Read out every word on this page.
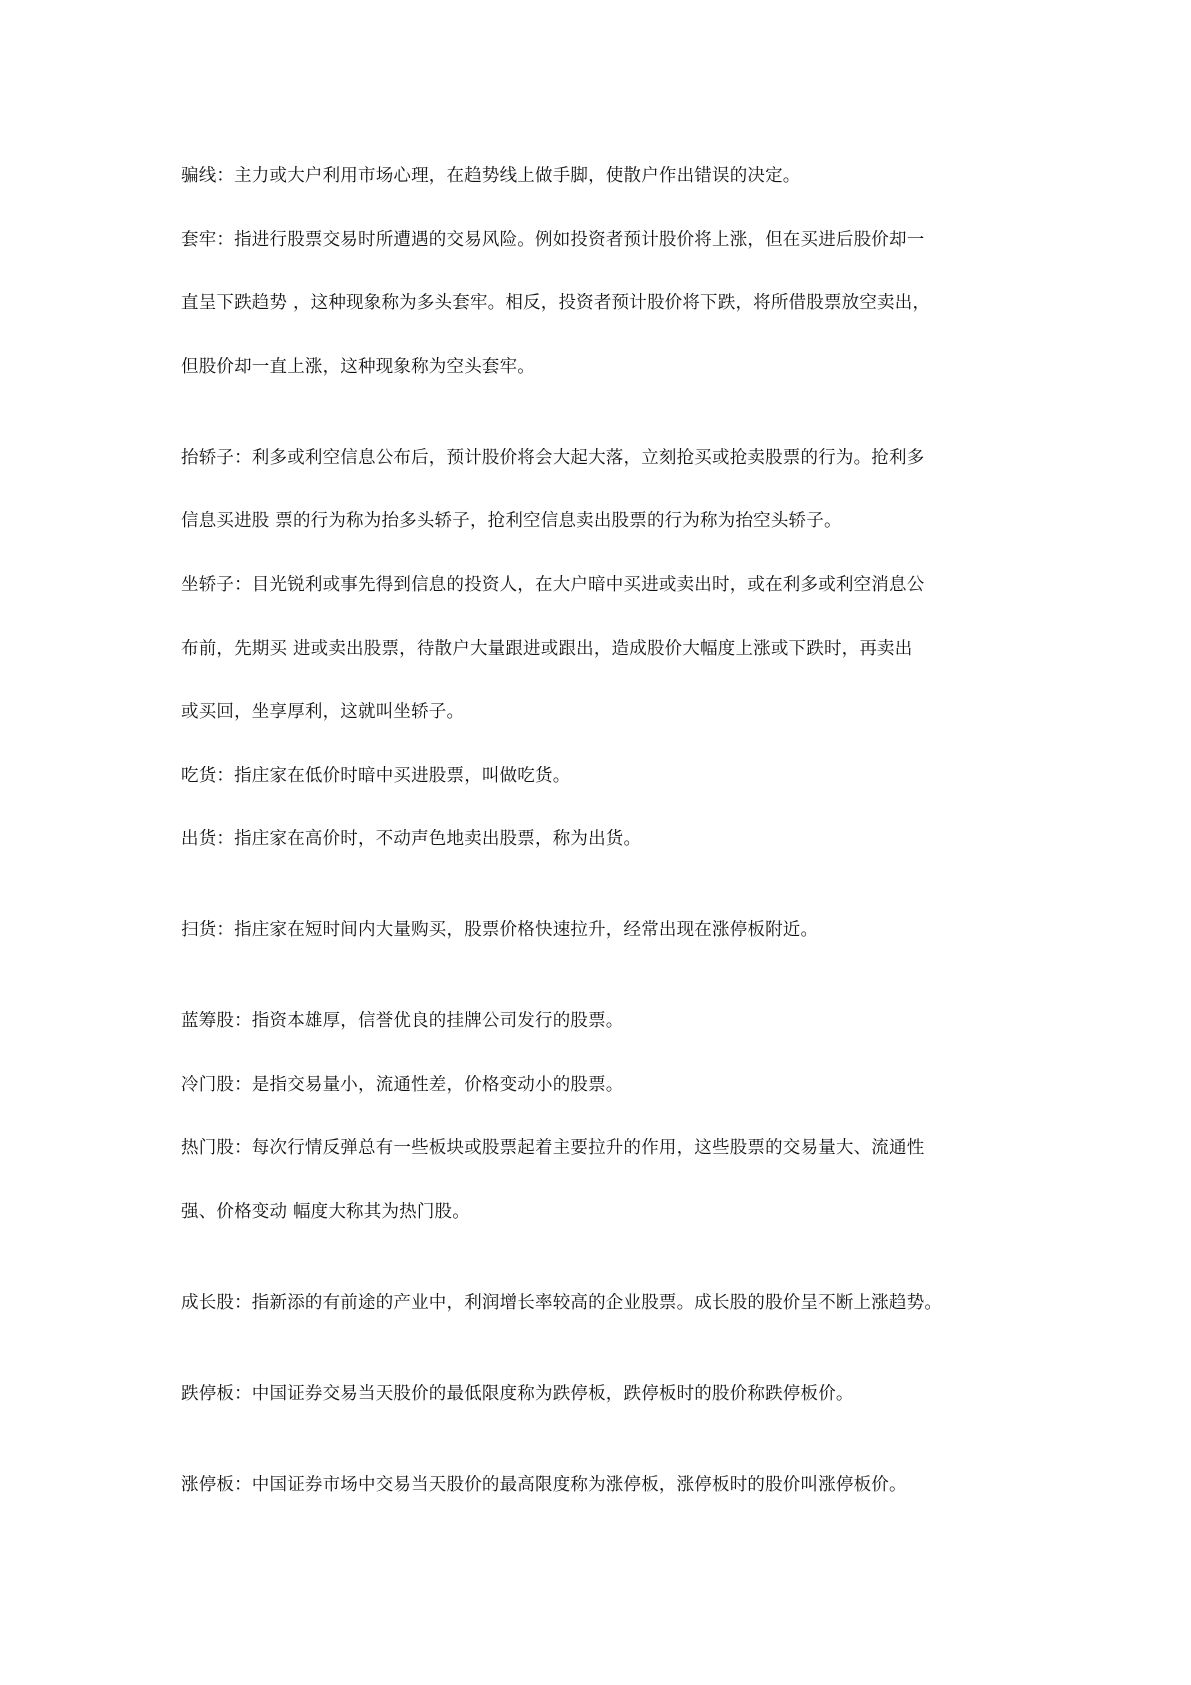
骗线：主力或大户利用市场心理，在趋势线上做手脚，使散户作出错误的决定。
套牢：指进行股票交易时所遭遇的交易风险。例如投资者预计股价将上涨，但在买进后股价却一
直呈下跌趋势 ，这种现象称为多头套牢。相反，投资者预计股价将下跌，将所借股票放空卖出，
但股价却一直上涨，这种现象称为空头套牢。
抬轿子：利多或利空信息公布后，预计股价将会大起大落，立刻抢买或抢卖股票的行为。抢利多
信息买进股 票的行为称为抬多头轿子，抢利空信息卖出股票的行为称为抬空头轿子。
坐轿子：目光锐利或事先得到信息的投资人，在大户暗中买进或卖出时，或在利多或利空消息公
布前，先期买 进或卖出股票，待散户大量跟进或跟出，造成股价大幅度上涨或下跌时，再卖出
或买回，坐享厚利，这就叫坐轿子。
吃货：指庄家在低价时暗中买进股票，叫做吃货。
出货：指庄家在高价时，不动声色地卖出股票，称为出货。
扫货：指庄家在短时间内大量购买，股票价格快速拉升，经常出现在涨停板附近。
蓝筹股：指资本雄厚，信誉优良的挂牌公司发行的股票。
冷门股：是指交易量小，流通性差，价格变动小的股票。
热门股：每次行情反弹总有一些板块或股票起着主要拉升的作用，这些股票的交易量大、流通性
强、价格变动 幅度大称其为热门股。
成长股：指新添的有前途的产业中，利润增长率较高的企业股票。成长股的股价呈不断上涨趋势。
跌停板：中国证券交易当天股价的最低限度称为跌停板，跌停板时的股价称跌停板价。
涨停板：中国证券市场中交易当天股价的最高限度称为涨停板，涨停板时的股价叫涨停板价。
